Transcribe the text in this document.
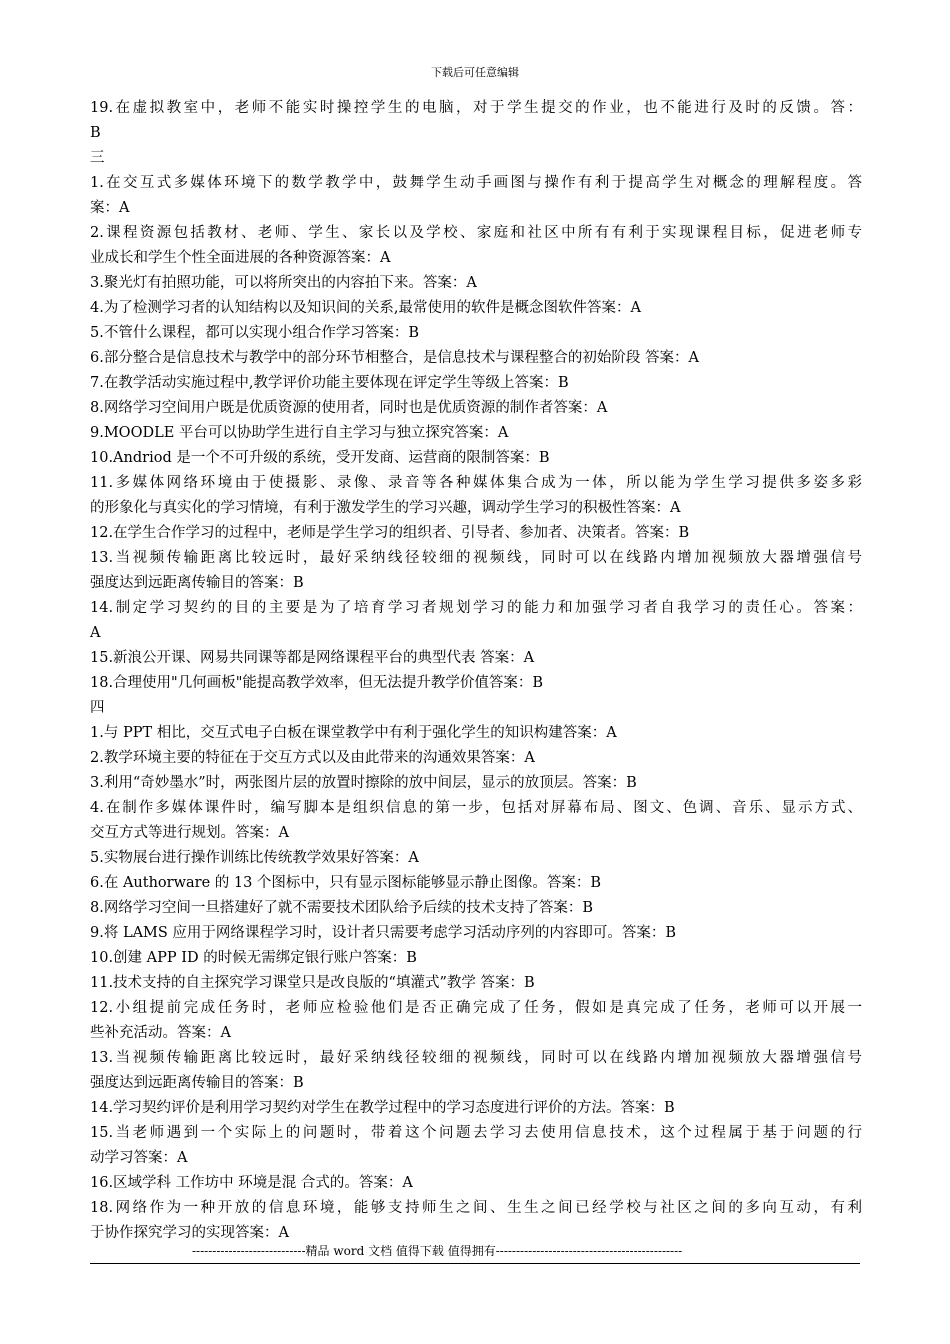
下载后可任意编辑
19.在虚拟教室中，老师不能实时操控学生的电脑，对于学生提交的作业，也不能进行及时的反馈。答：
B
三
1.在交互式多媒体环境下的数学教学中，鼓舞学生动手画图与操作有利于提高学生对概念的理解程度。答
案：A
2.课程资源包括教材、老师、学生、家长以及学校、家庭和社区中所有有利于实现课程目标，促进老师专
业成长和学生个性全面进展的各种资源答案：A
3.聚光灯有拍照功能，可以将所突出的内容拍下来。答案：A
4.为了检测学习者的认知结构以及知识间的关系,最常使用的软件是概念图软件答案：A
5.不管什么课程，都可以实现小组合作学习答案：B
6.部分整合是信息技术与教学中的部分环节相整合，是信息技术与课程整合的初始阶段 答案：A
7.在教学活动实施过程中,教学评价功能主要体现在评定学生等级上答案：B
8.网络学习空间用户既是优质资源的使用者，同时也是优质资源的制作者答案：A
9.MOODLE 平台可以协助学生进行自主学习与独立探究答案：A
10.Andriod 是一个不可升级的系统，受开发商、运营商的限制答案：B
11.多媒体网络环境由于使摄影、录像、录音等各种媒体集合成为一体，所以能为学生学习提供多姿多彩
的形象化与真实化的学习情境，有利于激发学生的学习兴趣，调动学生学习的积极性答案：A
12.在学生合作学习的过程中，老师是学生学习的组织者、引导者、参加者、决策者。答案：B
13.当视频传输距离比较远时，最好采纳线径较细的视频线，同时可以在线路内增加视频放大器增强信号
强度达到远距离传输目的答案：B
14.制定学习契约的目的主要是为了培育学习者规划学习的能力和加强学习者自我学习的责任心。答案：
A
15.新浪公开课、网易共同课等都是网络课程平台的典型代表 答案：A
18.合理使用"几何画板"能提高教学效率，但无法提升教学价值答案：B
四
1.与 PPT 相比，交互式电子白板在课堂教学中有利于强化学生的知识构建答案：A
2.教学环境主要的特征在于交互方式以及由此带来的沟通效果答案：A
3.利用“奇妙墨水”时，两张图片层的放置时擦除的放中间层，显示的放顶层。答案：B
4.在制作多媒体课件时，编写脚本是组织信息的第一步，包括对屏幕布局、图文、色调、音乐、显示方式、
交互方式等进行规划。答案：A
5.实物展台进行操作训练比传统教学效果好答案：A
6.在 Authorware 的 13 个图标中，只有显示图标能够显示静止图像。答案：B
8.网络学习空间一旦搭建好了就不需要技术团队给予后续的技术支持了答案：B
9.将 LAMS 应用于网络课程学习时，设计者只需要考虑学习活动序列的内容即可。答案：B
10.创建 APP ID 的时候无需绑定银行账户答案：B
11.技术支持的自主探究学习课堂只是改良版的“填灌式”教学 答案：B
12.小组提前完成任务时，老师应检验他们是否正确完成了任务，假如是真完成了任务，老师可以开展一
些补充活动。答案：A
13.当视频传输距离比较远时，最好采纳线径较细的视频线，同时可以在线路内增加视频放大器增强信号
强度达到远距离传输目的答案：B
14.学习契约评价是利用学习契约对学生在教学过程中的学习态度进行评价的方法。答案：B
15.当老师遇到一个实际上的问题时，带着这个问题去学习去使用信息技术，这个过程属于基于问题的行
动学习答案：A
16.区域学科 工作坊中 环境是混 合式的。答案：A
18.网络作为一种开放的信息环境，能够支持师生之间、生生之间已经学校与社区之间的多向互动，有利
于协作探究学习的实现答案：A
----------------------------精品 word 文档 值得下载 值得拥有----------------------------------------------
